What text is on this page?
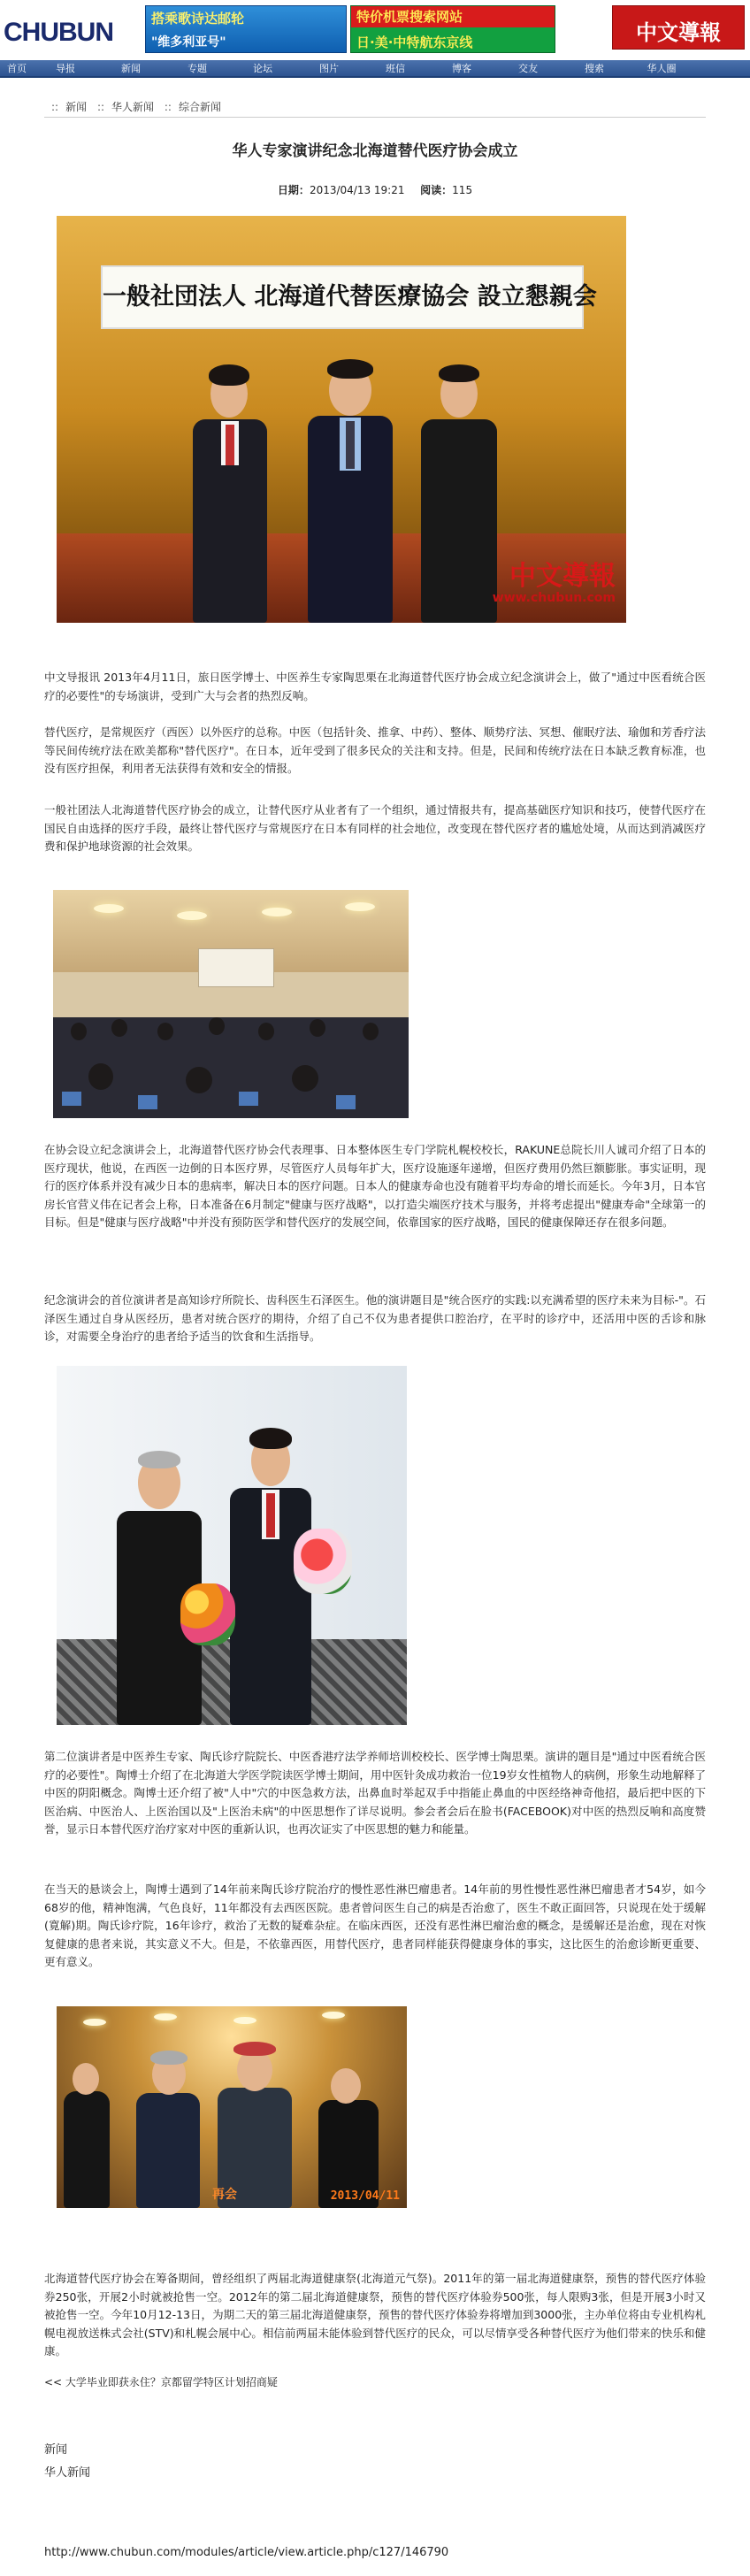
CHUBUN	搭乘歌诗达邮轮
"维多利亚号"
特价机票搜索网站
日·美·中特航东京线	中文導報
首页	导报	新闻	专题	论坛	图片	班信	博客	交友	搜索	华人圈
:: 新闻 :: 华人新闻 :: 综合新闻
华人专家演讲纪念北海道替代医疗协会成立
日期：2013/04/13 19:21 阅读：115
一般社団法人 北海道代替医療協会 設立懇親会
中文導報
www.chubun.com

中文导报讯 2013年4月11日，旅日医学博士、中医养生专家陶思栗在北海道替代医疗协会成立纪念演讲会上，做了"通过中医看统合医疗的必要性"的专场演讲，受到广大与会者的热烈反响。

替代医疗，是常规医疗（西医）以外医疗的总称。中医（包括针灸、推拿、中药）、整体、顺势疗法、冥想、催眠疗法、瑜伽和芳香疗法等民间传统疗法在欧美都称"替代医疗"。在日本，近年受到了很多民众的关注和支持。但是，民间和传统疗法在日本缺乏教育标准，也没有医疗担保，利用者无法获得有效和安全的情报。

一般社团法人北海道替代医疗协会的成立，让替代医疗从业者有了一个组织，通过情报共有，提高基础医疗知识和技巧，使替代医疗在国民自由选择的医疗手段，最终让替代医疗与常规医疗在日本有同样的社会地位，改变现在替代医疗者的尴尬处境，从而达到消减医疗费和保护地球资源的社会效果。

在协会设立纪念演讲会上，北海道替代医疗协会代表理事、日本整体医生专门学院札幌校校长，RAKUNE总院长川人诚司介绍了日本的医疗现状，他说，在西医一边倒的日本医疗界，尽管医疗人员每年扩大，医疗设施逐年递增，但医疗费用仍然巨额膨胀。事实证明，现行的医疗体系并没有减少日本的患病率，解决日本的医疗问题。日本人的健康寿命也没有随着平均寿命的增长而延长。今年3月，日本官房长官营义伟在记者会上称，日本准备在6月制定"健康与医疗战略"，以打造尖端医疗技术与服务，并将考虑提出"健康寿命"全球第一的目标。但是"健康与医疗战略"中并没有预防医学和替代医疗的发展空间，依靠国家的医疗战略，国民的健康保障还存在很多问题。

纪念演讲会的首位演讲者是高知诊疗所院长、齿科医生石泽医生。他的演讲题目是"统合医疗的实践:以充满希望的医疗未来为目标-"。石泽医生通过自身从医经历，患者对统合医疗的期待，介绍了自己不仅为患者提供口腔治疗，在平时的诊疗中，还活用中医的舌诊和脉诊，对需要全身治疗的患者给予适当的饮食和生活指导。

第二位演讲者是中医养生专家、陶氏诊疗院院长、中医香港疗法学养师培训校校长、医学博士陶思栗。演讲的题目是"通过中医看统合医疗的必要性"。陶博士介绍了在北海道大学医学院读医学博士期间，用中医针灸成功救治一位19岁女性植物人的病例，形象生动地解释了中医的阴阳概念。陶博士还介绍了被"人中"穴的中医急救方法，出鼻血时举起双手中指能止鼻血的中医经络神奇他招，最后把中医的下医治病、中医治人、上医治国以及"上医治未病"的中医思想作了详尽说明。参会者会后在脸书(FACEBOOK)对中医的热烈反响和高度赞誉，显示日本替代医疗治疗家对中医的重新认识，也再次证实了中医思想的魅力和能量。

在当天的悬谈会上，陶博士遇到了14年前来陶氏诊疗院治疗的慢性恶性淋巴瘤患者。14年前的男性慢性恶性淋巴瘤患者才54岁，如今68岁的他，精神饱满，气色良好，11年都没有去西医医院。患者曾问医生自己的病是否治愈了，医生不敢正面回答，只说现在处于缓解(寛解)期。陶氏诊疗院，16年诊疗，救治了无数的疑难杂症。在临床西医，还没有恶性淋巴瘤治愈的概念，是缓解还是治愈，现在对恢复健康的患者来说，其实意义不大。但是，不依靠西医，用替代医疗，患者同样能获得健康身体的事实，这比医生的治愈诊断更重要、更有意义。

再会	2013/04/11

北海道替代医疗协会在筹备期间，曾经组织了两届北海道健康祭(北海道元气祭)。2011年的第一届北海道健康祭，预售的替代医疗体验券250张，开展2小时就被抢售一空。2012年的第二届北海道健康祭，预售的替代医疗体验券500张，每人限购3张，但是开展3小时又被抢售一空。今年10月12-13日，为期二天的第三届北海道健康祭，预售的替代医疗体验券将增加到3000张，主办单位将由专业机构札幌电视放送株式会社(STV)和札幌会展中心。相信前两届未能体验到替代医疗的民众，可以尽情享受各种替代医疗为他们带来的快乐和健康。

<< 大学毕业即获永住？京都留学特区计划招商疑
新闻
华人新闻
http://www.chubun.com/modules/article/view.article.php/c127/146790
